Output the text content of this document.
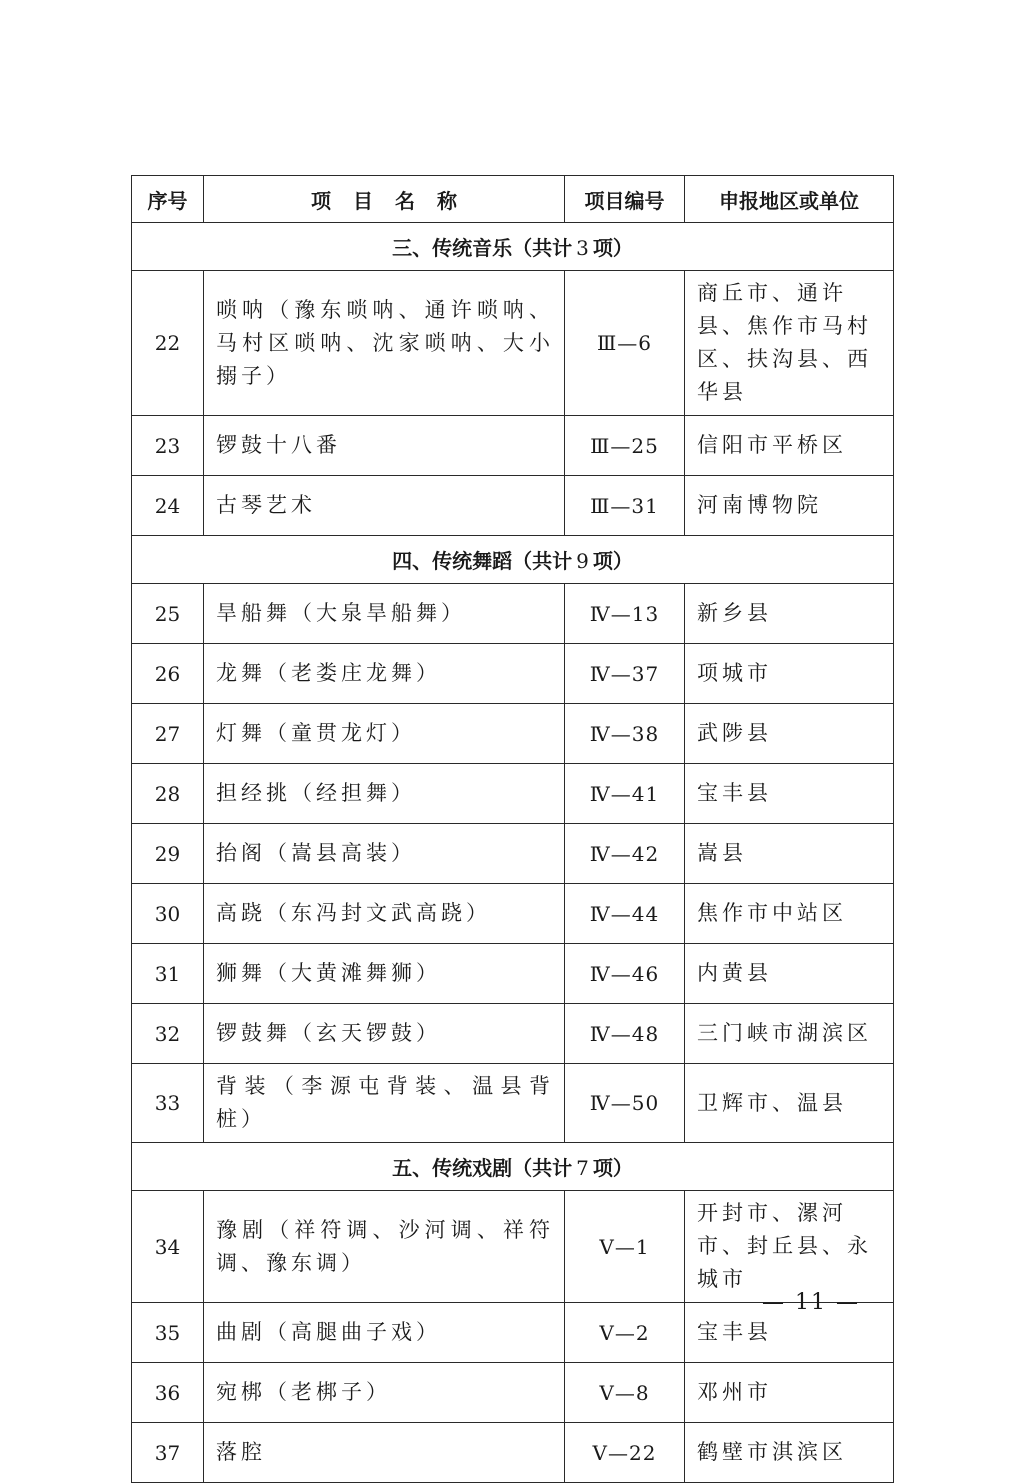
序号	项目名称	项目编号	申报地区或单位
三、传统音乐（共计 3 项）			
22	唢呐（豫东唢呐、通许唢呐、马村区唢呐、沈家唢呐、大小搦子）	Ⅲ—6	商丘市、通许县、焦作市马村区、扶沟县、西华县
23	锣鼓十八番	Ⅲ—25	信阳市平桥区
24	古琴艺术	Ⅲ—31	河南博物院
四、传统舞蹈（共计 9 项）			
25	旱船舞（大泉旱船舞）	Ⅳ—13	新乡县
26	龙舞（老娄庄龙舞）	Ⅳ—37	项城市
27	灯舞（童贯龙灯）	Ⅳ—38	武陟县
28	担经挑（经担舞）	Ⅳ—41	宝丰县
29	抬阁（嵩县高装）	Ⅳ—42	嵩县
30	高跷（东冯封文武高跷）	Ⅳ—44	焦作市中站区
31	狮舞（大黄滩舞狮）	Ⅳ—46	内黄县
32	锣鼓舞（玄天锣鼓）	Ⅳ—48	三门峡市湖滨区
33	背装（李源屯背装、温县背桩）	Ⅳ—50	卫辉市、温县
五、传统戏剧（共计 7 项）			
34	豫剧（祥符调、沙河调、祥符调、豫东调）	Ⅴ—1	开封市、漯河市、封丘县、永城市
35	曲剧（高腿曲子戏）	Ⅴ—2	宝丰县
36	宛梆（老梆子）	Ⅴ—8	邓州市
37	落腔	Ⅴ—22	鹤壁市淇滨区
— 11 —
